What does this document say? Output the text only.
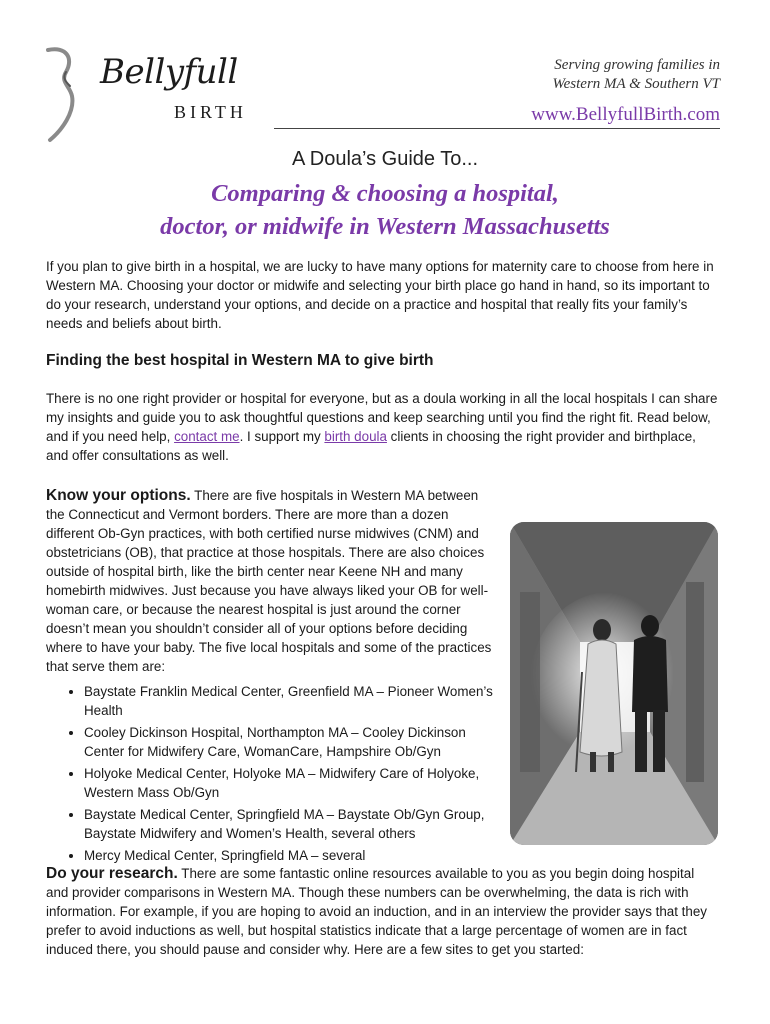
Bellyfull
BIRTH
Serving growing families in
Western MA & Southern VT
www.BellyfullBirth.com
A Doula’s Guide To...
Comparing & choosing a hospital,
doctor, or midwife in Western Massachusetts

If you plan to give birth in a hospital, we are lucky to have many options for maternity care to choose from here in Western MA. Choosing your doctor or midwife and selecting your birth place go hand in hand, so its important to do your research, understand your options, and decide on a practice and hospital that really fits your family’s needs and beliefs about birth.

Finding the best hospital in Western MA to give birth

There is no one right provider or hospital for everyone, but as a doula working in all the local hospitals I can share my insights and guide you to ask thoughtful questions and keep searching until you find the right fit. Read below, and if you need help, contact me. I support my birth doula clients in choosing the right provider and birthplace, and offer consultations as well.

Know your options. There are five hospitals in Western MA between the Connecticut and Vermont borders. There are more than a dozen different Ob-Gyn practices, with both certified nurse midwives (CNM) and obstetricians (OB), that practice at those hospitals. There are also choices outside of hospital birth, like the birth center near Keene NH and many homebirth midwives. Just because you have always liked your OB for well-woman care, or because the nearest hospital is just around the corner doesn’t mean you shouldn’t consider all of your options before deciding where to have your baby. The five local hospitals and some of the practices that serve them are:

• Baystate Franklin Medical Center, Greenfield MA – Pioneer Women’s Health
• Cooley Dickinson Hospital, Northampton MA – Cooley Dickinson Center for Midwifery Care, WomanCare, Hampshire Ob/Gyn
• Holyoke Medical Center, Holyoke MA – Midwifery Care of Holyoke, Western Mass Ob/Gyn
• Baystate Medical Center, Springfield MA – Baystate Ob/Gyn Group, Baystate Midwifery and Women’s Health, several others
• Mercy Medical Center, Springfield MA – several

Do your research. There are some fantastic online resources available to you as you begin doing hospital and provider comparisons in Western MA. Though these numbers can be overwhelming, the data is rich with information. For example, if you are hoping to avoid an induction, and in an interview the provider says that they prefer to avoid inductions as well, but hospital statistics indicate that a large percentage of women are in fact induced there, you should pause and consider why. Here are a few sites to get you started:
